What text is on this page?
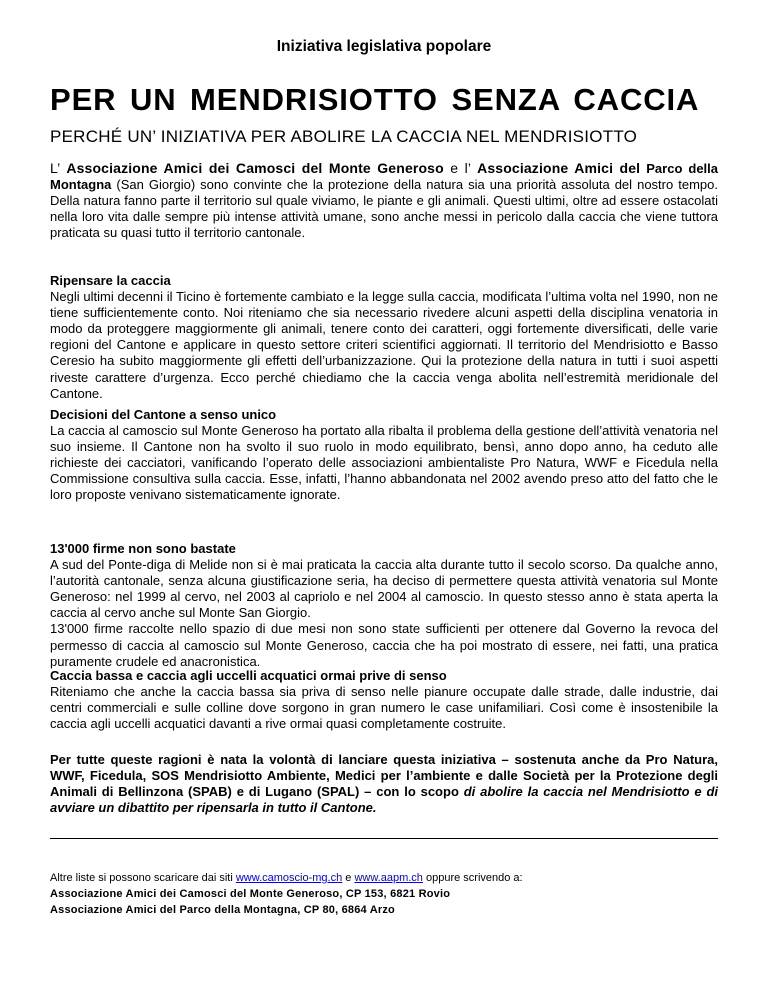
Iniziativa legislativa popolare

PER UN MENDRISIOTTO SENZA CACCIA

PERCHÉ UN’ INIZIATIVA PER ABOLIRE LA CACCIA NEL MENDRISIOTTO

L’ Associazione Amici dei Camosci del Monte Generoso e l’ Associazione Amici del Parco della Montagna (San Giorgio) sono convinte che la protezione della natura sia una priorità assoluta del nostro tempo. Della natura fanno parte il territorio sul quale viviamo, le piante e gli animali. Questi ultimi, oltre ad essere ostacolati nella loro vita dalle sempre più intense attività umane, sono anche messi in pericolo dalla caccia che viene tuttora praticata su quasi tutto il territorio cantonale.

Ripensare la caccia

Negli ultimi decenni il Ticino è fortemente cambiato e la legge sulla caccia, modificata l’ultima volta nel 1990, non ne tiene sufficientemente conto. Noi riteniamo che sia necessario rivedere alcuni aspetti della disciplina venatoria in modo da proteggere maggiormente gli animali, tenere conto dei caratteri, oggi fortemente diversificati, delle varie regioni del Cantone e applicare in questo settore criteri scientifici aggiornati. Il territorio del Mendrisiotto e Basso Ceresio ha subito maggiormente gli effetti dell’urbanizzazione. Qui la protezione della natura in tutti i suoi aspetti riveste carattere d’urgenza. Ecco perché chiediamo che la caccia venga abolita nell’estremità meridionale del Cantone.

Decisioni del Cantone a senso unico

La caccia al camoscio sul Monte Generoso ha portato alla ribalta il problema della gestione dell’attività venatoria nel suo insieme. Il Cantone non ha svolto il suo ruolo in modo equilibrato, bensì, anno dopo anno, ha ceduto alle richieste dei cacciatori, vanificando l’operato delle associazioni ambientaliste Pro Natura, WWF e Ficedula nella Commissione consultiva sulla caccia. Esse, infatti, l’hanno abbandonata nel 2002 avendo preso atto del fatto che le loro proposte venivano sistematicamente ignorate.

13'000 firme non sono bastate

A sud del Ponte-diga di Melide non si è mai praticata la caccia alta durante tutto il secolo scorso. Da qualche anno, l’autorità cantonale, senza alcuna giustificazione seria, ha deciso di permettere questa attività venatoria sul Monte Generoso: nel 1999 al cervo, nel 2003 al capriolo e nel 2004 al camoscio. In questo stesso anno è stata aperta la caccia al cervo anche sul Monte San Giorgio.

13'000 firme raccolte nello spazio di due mesi non sono state sufficienti per ottenere dal Governo la revoca del permesso di caccia al camoscio sul Monte Generoso, caccia che ha poi mostrato di essere, nei fatti, una pratica puramente crudele ed anacronistica.

Caccia bassa e caccia agli uccelli acquatici ormai prive di senso

Riteniamo che anche la caccia bassa sia priva di senso nelle pianure occupate dalle strade, dalle industrie, dai centri commerciali e sulle colline dove sorgono in gran numero le case unifamiliari. Così come è insostenibile la caccia agli uccelli acquatici davanti a rive ormai quasi completamente costruite.

Per tutte queste ragioni è nata la volontà di lanciare questa iniziativa – sostenuta anche da Pro Natura, WWF, Ficedula, SOS Mendrisiotto Ambiente, Medici per l’ambiente e dalle Società per la Protezione degli Animali di Bellinzona (SPAB) e di Lugano (SPAL) – con lo scopo di abolire la caccia nel Mendrisiotto e di avviare un dibattito per ripensarla in tutto il Cantone.

Altre liste si possono scaricare dai siti www.camoscio-mg.ch e www.aapm.ch oppure scrivendo a:

Associazione Amici dei Camosci del Monte Generoso, CP 153, 6821 Rovio

Associazione Amici del Parco della Montagna, CP 80, 6864 Arzo
